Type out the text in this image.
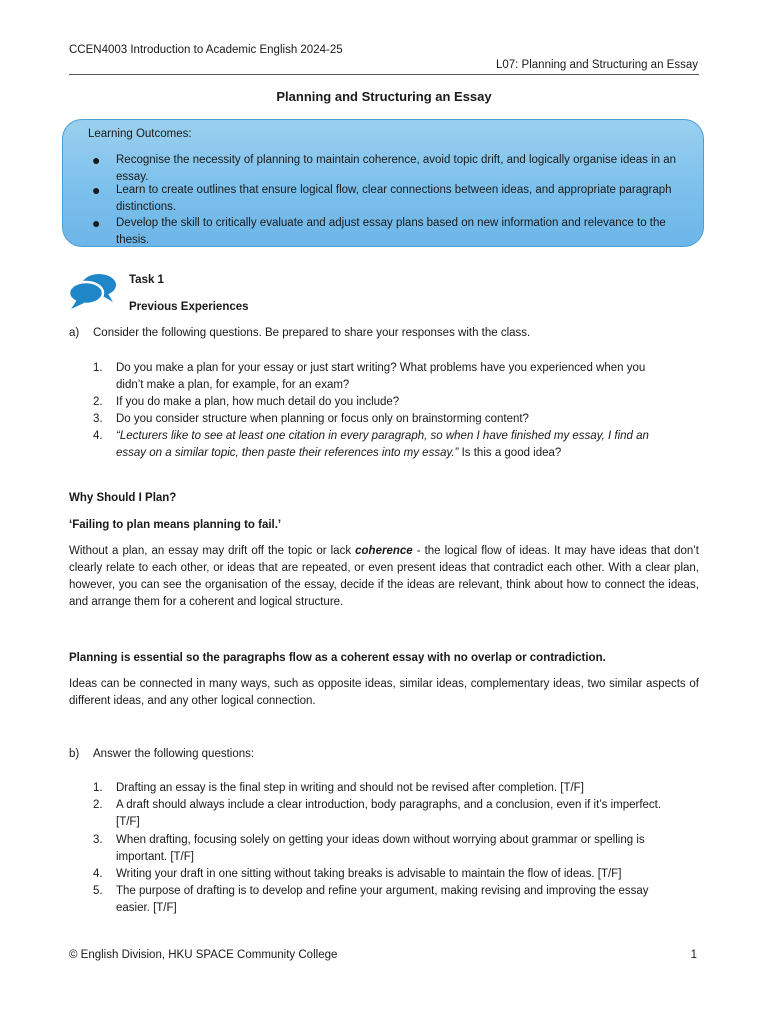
CCEN4003 Introduction to Academic English 2024-25
L07: Planning and Structuring an Essay
Planning and Structuring an Essay
Learning Outcomes:
● Recognise the necessity of planning to maintain coherence, avoid topic drift, and logically organise ideas in an essay.
● Learn to create outlines that ensure logical flow, clear connections between ideas, and appropriate paragraph distinctions.
● Develop the skill to critically evaluate and adjust essay plans based on new information and relevance to the thesis.
Task 1
Previous Experiences
a) Consider the following questions. Be prepared to share your responses with the class.
1. Do you make a plan for your essay or just start writing? What problems have you experienced when you
didn’t make a plan, for example, for an exam?
2. If you do make a plan, how much detail do you include?
3. Do you consider structure when planning or focus only on brainstorming content?
4. “Lecturers like to see at least one citation in every paragraph, so when I have finished my essay, I find an
essay on a similar topic, then paste their references into my essay.” Is this a good idea?
Why Should I Plan?
‘Failing to plan means planning to fail.’
Without a plan, an essay may drift off the topic or lack coherence - the logical flow of ideas. It may have ideas that don’t clearly relate to each other, or ideas that are repeated, or even present ideas that contradict each other. With a clear plan, however, you can see the organisation of the essay, decide if the ideas are relevant, think about how to connect the ideas, and arrange them for a coherent and logical structure.
Planning is essential so the paragraphs flow as a coherent essay with no overlap or contradiction.
Ideas can be connected in many ways, such as opposite ideas, similar ideas, complementary ideas, two similar aspects of different ideas, and any other logical connection.
b) Answer the following questions:
1. Drafting an essay is the final step in writing and should not be revised after completion. [T/F]
2. A draft should always include a clear introduction, body paragraphs, and a conclusion, even if it’s imperfect.
[T/F]
3. When drafting, focusing solely on getting your ideas down without worrying about grammar or spelling is
important. [T/F]
4. Writing your draft in one sitting without taking breaks is advisable to maintain the flow of ideas. [T/F]
5. The purpose of drafting is to develop and refine your argument, making revising and improving the essay
easier. [T/F]
© English Division, HKU SPACE Community College	1
